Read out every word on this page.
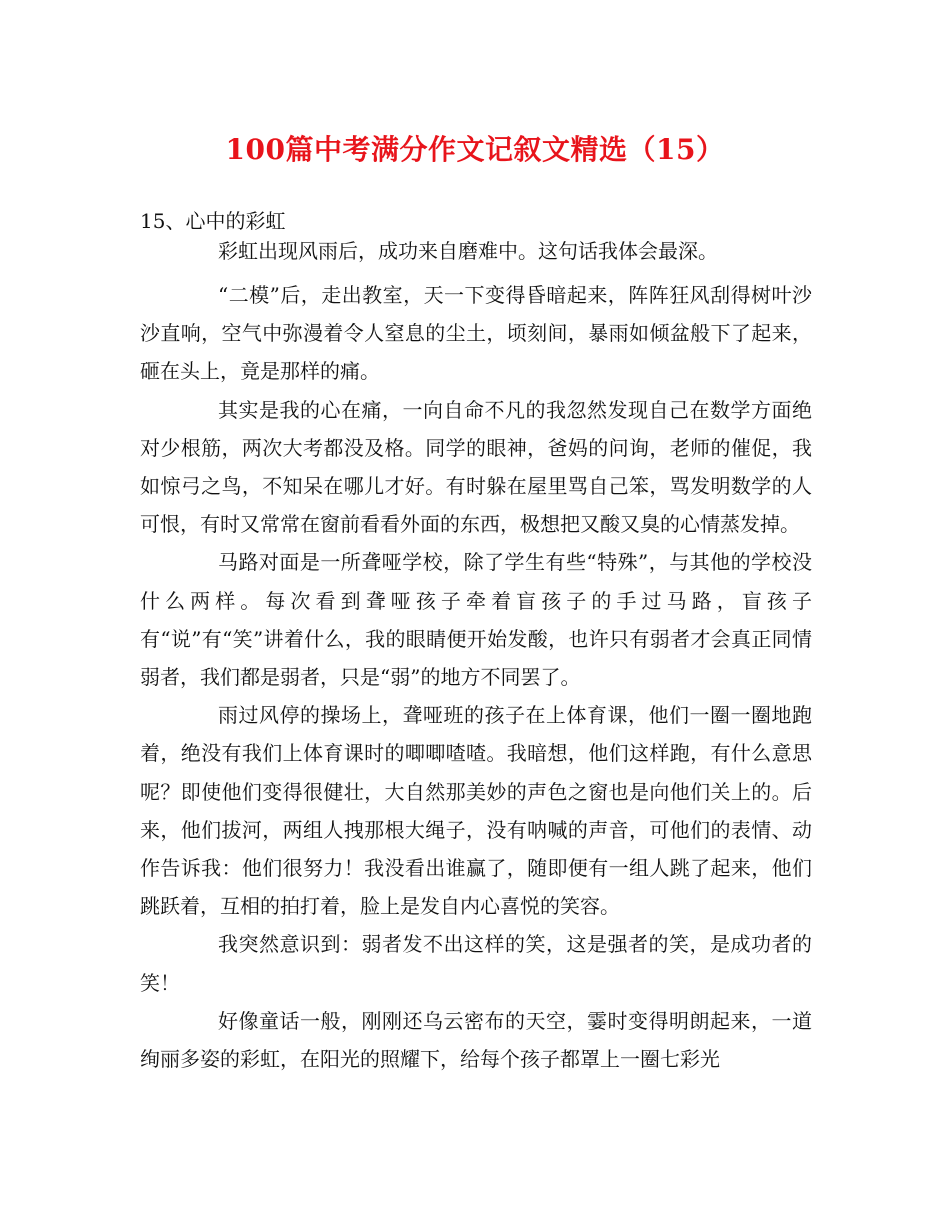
100篇中考满分作文记叙文精选（15）
15、心中的彩虹

彩虹出现风雨后，成功来自磨难中。这句话我体会最深。

“二模”后，走出教室，天一下变得昏暗起来，阵阵狂风刮得树叶沙沙直响，空气中弥漫着令人窒息的尘土，顷刻间，暴雨如倾盆般下了起来，砸在头上，竟是那样的痛。

其实是我的心在痛，一向自命不凡的我忽然发现自己在数学方面绝对少根筋，两次大考都没及格。同学的眼神，爸妈的问询，老师的催促，我如惊弓之鸟，不知呆在哪儿才好。有时躲在屋里骂自己笨，骂发明数学的人可恨，有时又常常在窗前看看外面的东西，极想把又酸又臭的心情蒸发掉。

马路对面是一所聋哑学校，除了学生有些“特殊”，与其他的学校没什么两样。每次看到聋哑孩子牵着盲孩子的手过马路，盲孩子有“说”有“笑”讲着什么，我的眼睛便开始发酸，也许只有弱者才会真正同情弱者，我们都是弱者，只是“弱”的地方不同罢了。

雨过风停的操场上，聋哑班的孩子在上体育课，他们一圈一圈地跑着，绝没有我们上体育课时的唧唧喳喳。我暗想，他们这样跑，有什么意思呢？即使他们变得很健壮，大自然那美妙的声色之窗也是向他们关上的。后来，他们拔河，两组人拽那根大绳子，没有呐喊的声音，可他们的表情、动作告诉我：他们很努力！我没看出谁赢了，随即便有一组人跳了起来，他们跳跃着，互相的拍打着，脸上是发自内心喜悦的笑容。

我突然意识到：弱者发不出这样的笑，这是强者的笑，是成功者的笑！

好像童话一般，刚刚还乌云密布的天空，霎时变得明朗起来，一道绚丽多姿的彩虹，在阳光的照耀下，给每个孩子都罩上一圈七彩光
